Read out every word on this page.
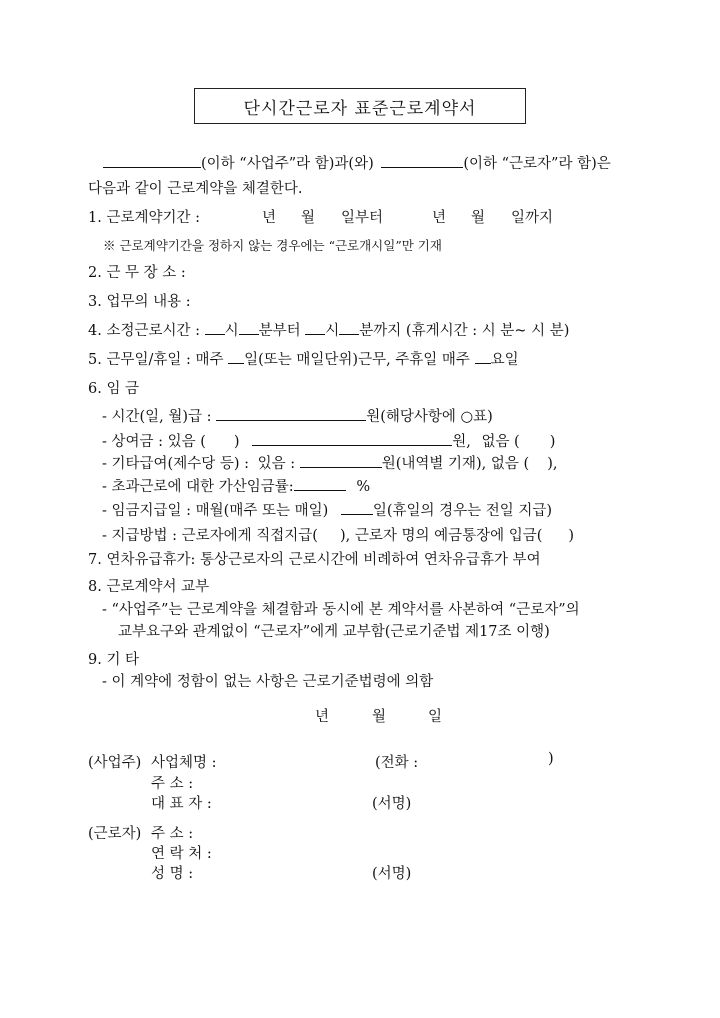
단시간근로자 표준근로계약서
(이하 “사업주”라 함)과(와)	(이하 “근로자”라 함)은
다음과 같이 근로계약을 체결한다.
1. 근로계약기간 :	년 월 일부터	년 월 일까지
※ 근로계약기간을 정하지 않는 경우에는 “근로개시일”만 기재
2. 근 무 장 소 :
3. 업무의 내용 :
4. 소정근로시간 : 시 분부터 시 분까지 (휴게시간 : 시 분~ 시 분)
5. 근무일/휴일 : 매주 일(또는 매일단위)근무, 주휴일 매주 요일
6. 임 금
- 시간(일, 월)급 :	원(해당사항에 ○표)
- 상여금 : 있음 ( )	원, 없음 ( )
- 기타급여(제수당 등) : 있음 :	원(내역별 기재), 없음 ( ),
- 초과근로에 대한 가산임금률:	%
- 임금지급일 : 매월(매주 또는 매일)	일(휴일의 경우는 전일 지급)
- 지급방법 : 근로자에게 직접지급( ), 근로자 명의 예금통장에 입금( )
7. 연차유급휴가: 통상근로자의 근로시간에 비례하여 연차유급휴가 부여
8. 근로계약서 교부
- “사업주”는 근로계약을 체결함과 동시에 본 계약서를 사본하여 “근로자”의
교부요구와 관계없이 “근로자”에게 교부함(근로기준법 제17조 이행)
9. 기 타
- 이 계약에 정함이 없는 사항은 근로기준법령에 의함
년	월	일
(사업주) 사업체명 :	(전화 :	)
주 소 :
대 표 자 :	(서명)
(근로자) 주 소 :
연 락 처 :
성 명 :	(서명)
